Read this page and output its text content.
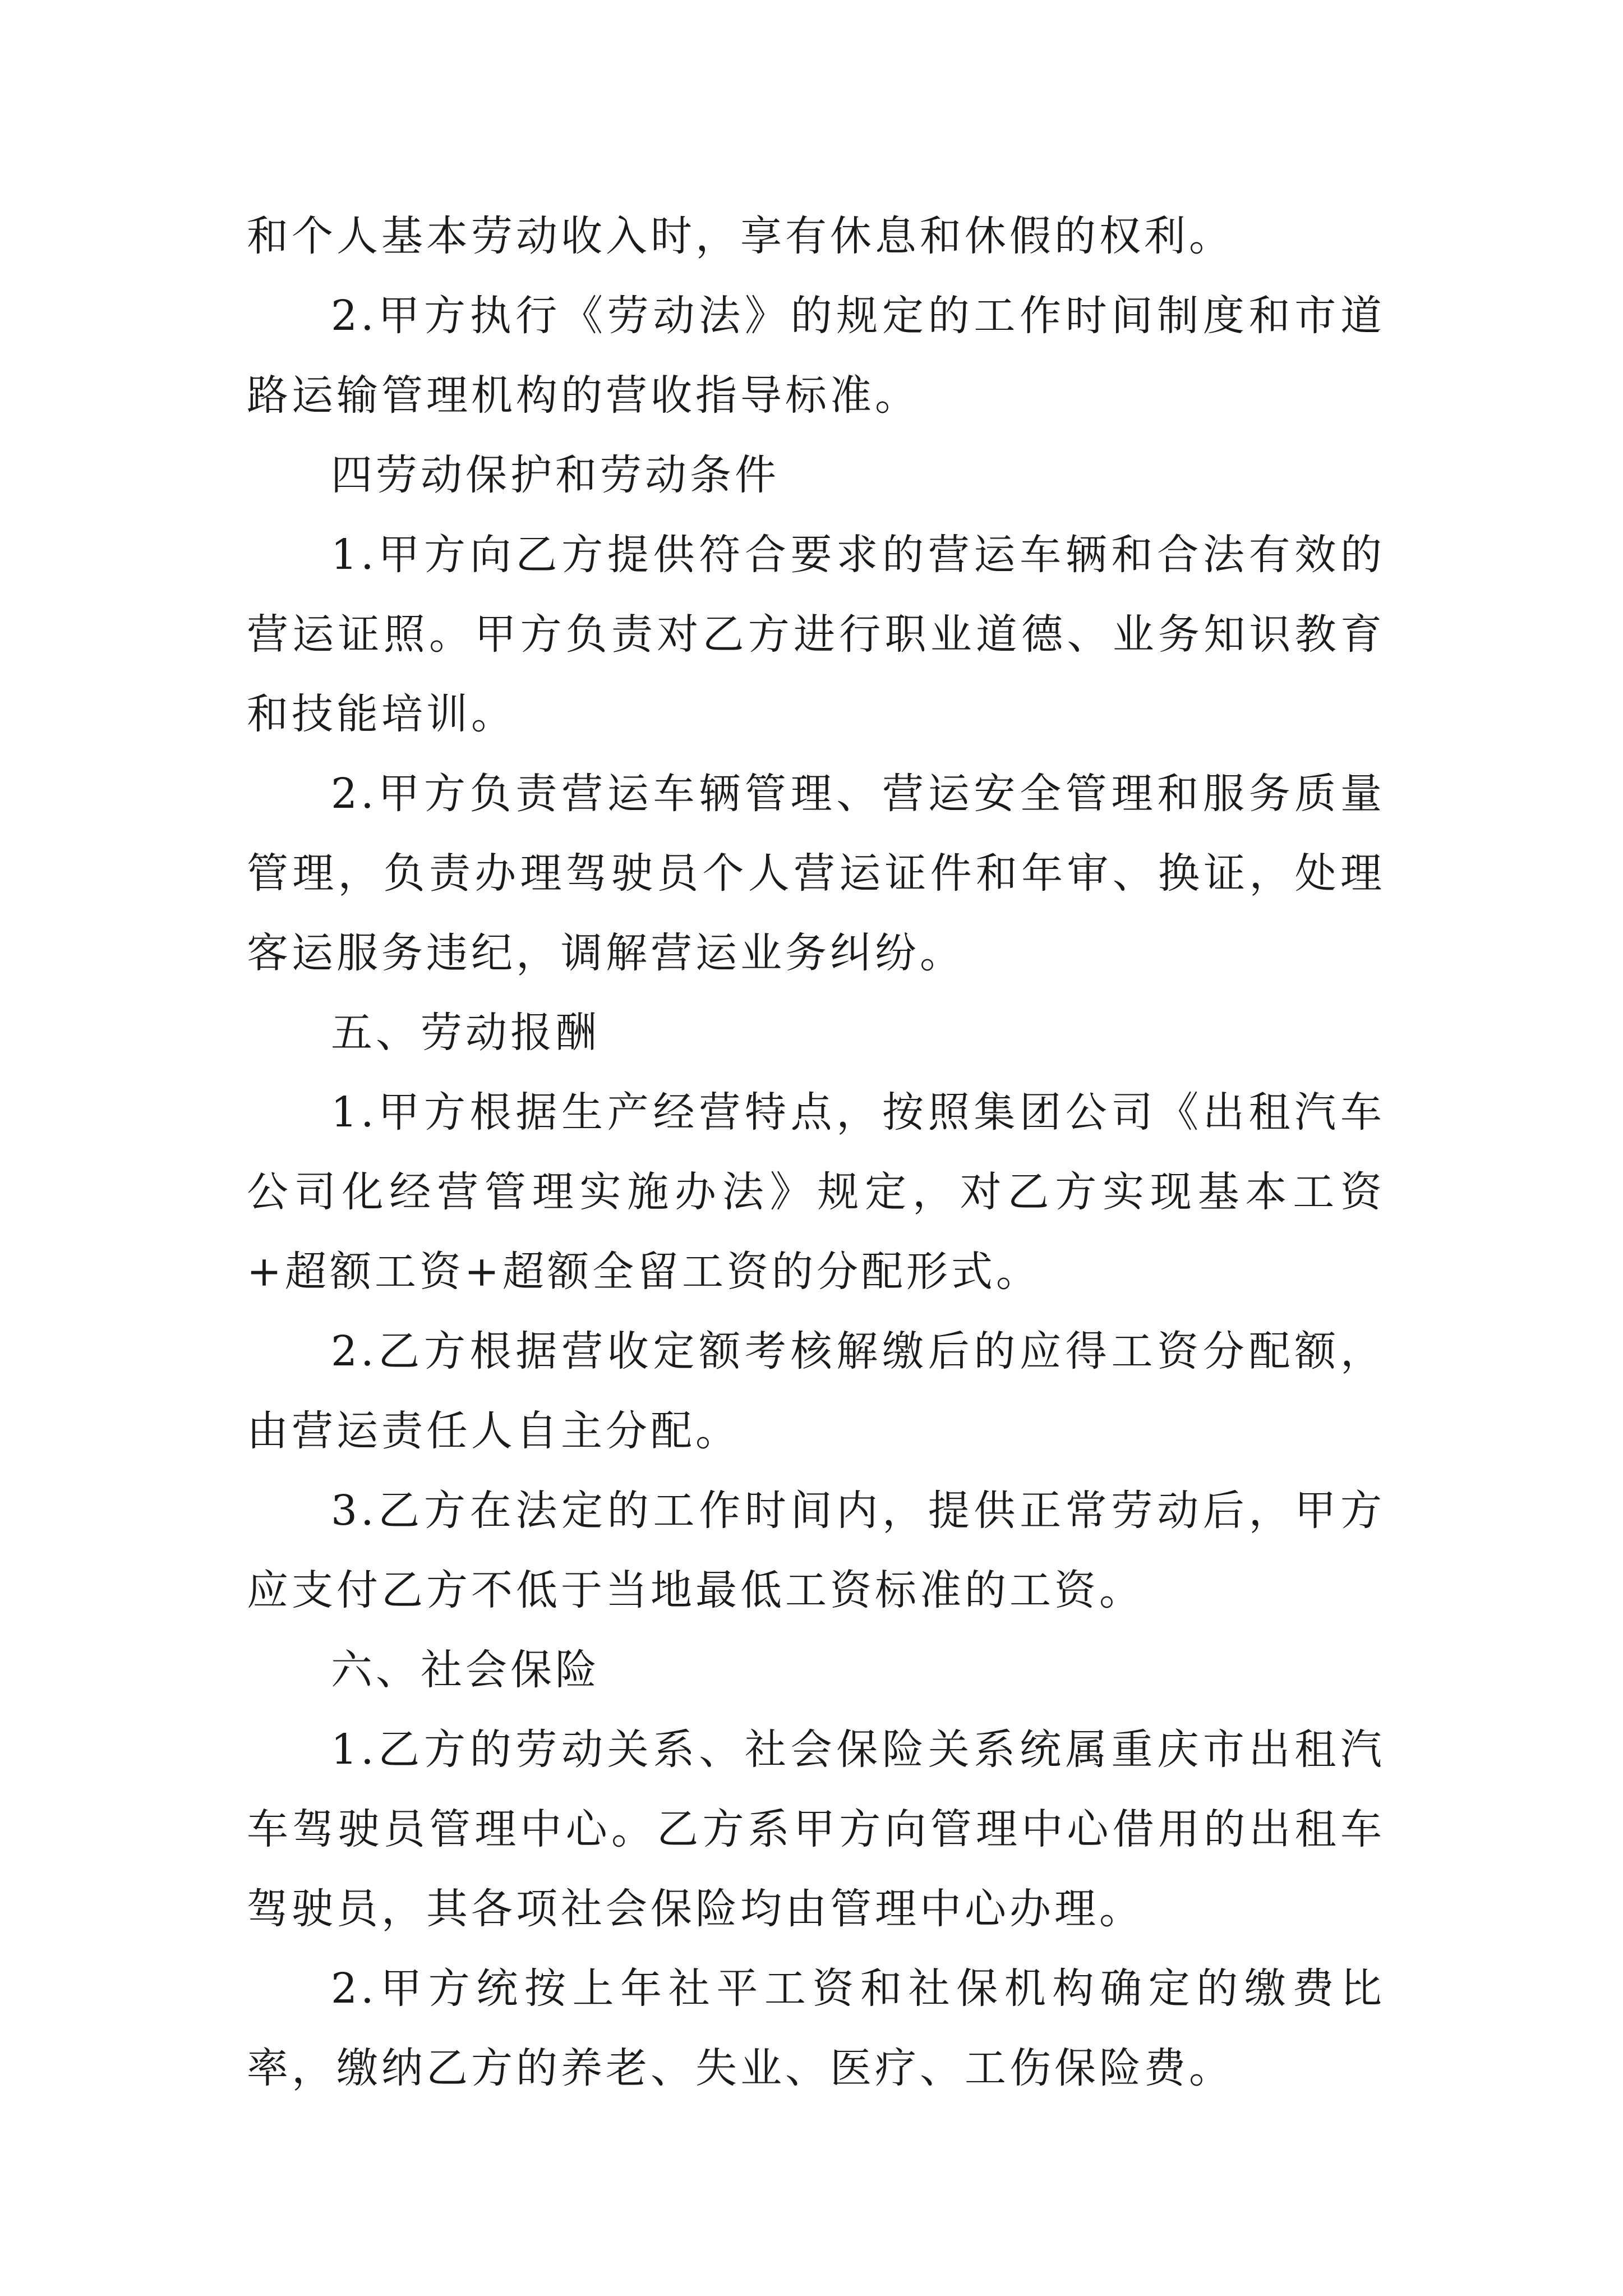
和个人基本劳动收入时，享有休息和休假的权利。

2.甲方执行《劳动法》的规定的工作时间制度和市道路运输管理机构的营收指导标准。

四劳动保护和劳动条件

1.甲方向乙方提供符合要求的营运车辆和合法有效的营运证照。甲方负责对乙方进行职业道德、业务知识教育和技能培训。

2.甲方负责营运车辆管理、营运安全管理和服务质量管理，负责办理驾驶员个人营运证件和年审、换证，处理客运服务违纪，调解营运业务纠纷。

五、劳动报酬

1.甲方根据生产经营特点，按照集团公司《出租汽车公司化经营管理实施办法》规定，对乙方实现基本工资+超额工资+超额全留工资的分配形式。

2.乙方根据营收定额考核解缴后的应得工资分配额，由营运责任人自主分配。

3.乙方在法定的工作时间内，提供正常劳动后，甲方应支付乙方不低于当地最低工资标准的工资。

六、社会保险

1.乙方的劳动关系、社会保险关系统属重庆市出租汽车驾驶员管理中心。乙方系甲方向管理中心借用的出租车驾驶员，其各项社会保险均由管理中心办理。

2.甲方统按上年社平工资和社保机构确定的缴费比率，缴纳乙方的养老、失业、医疗、工伤保险费。
